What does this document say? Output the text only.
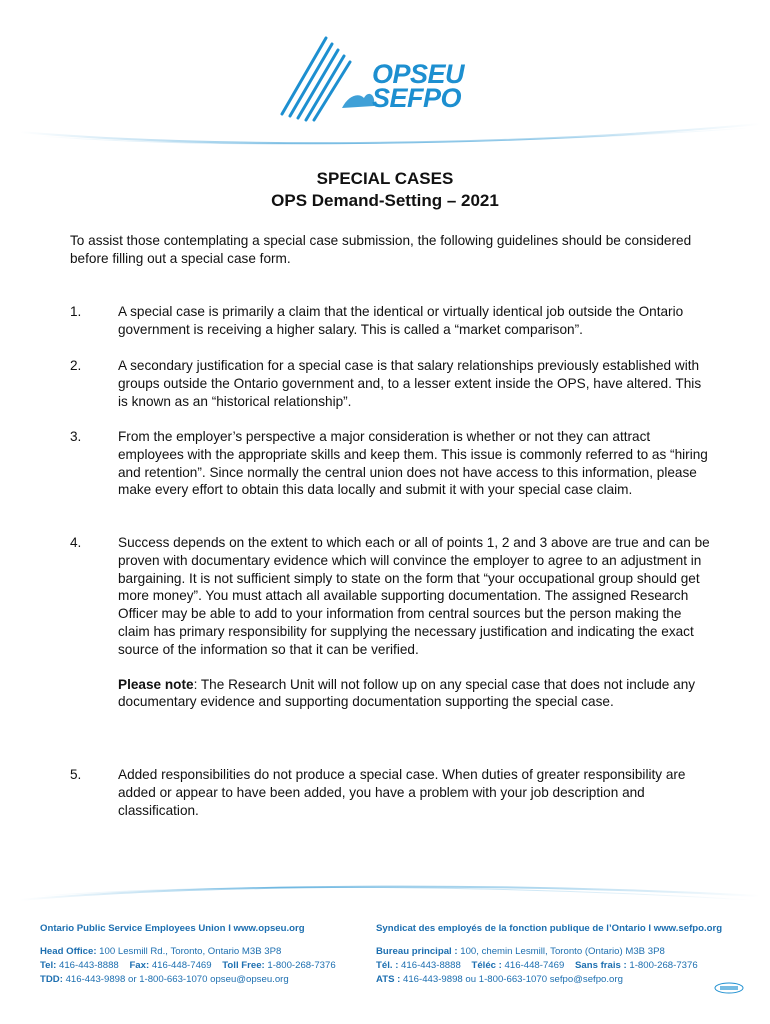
OPSEU
SEFPO
SPECIAL CASES
OPS Demand-Setting – 2021
To assist those contemplating a special case submission, the following guidelines should be considered before filling out a special case form.
1.	A special case is primarily a claim that the identical or virtually identical job outside the Ontario government is receiving a higher salary. This is called a “market comparison”.
2.	A secondary justification for a special case is that salary relationships previously established with groups outside the Ontario government and, to a lesser extent inside the OPS, have altered. This is known as an “historical relationship”.
3.	From the employer’s perspective a major consideration is whether or not they can attract employees with the appropriate skills and keep them. This issue is commonly referred to as “hiring and retention”. Since normally the central union does not have access to this information, please make every effort to obtain this data locally and submit it with your special case claim.
4.	Success depends on the extent to which each or all of points 1, 2 and 3 above are true and can be proven with documentary evidence which will convince the employer to agree to an adjustment in bargaining. It is not sufficient simply to state on the form that “your occupational group should get more money”. You must attach all available supporting documentation. The assigned Research Officer may be able to add to your information from central sources but the person making the claim has primary responsibility for supplying the necessary justification and indicating the exact source of the information so that it can be verified.
Please note: The Research Unit will not follow up on any special case that does not include any documentary evidence and supporting documentation supporting the special case.
5.	Added responsibilities do not produce a special case. When duties of greater responsibility are added or appear to have been added, you have a problem with your job description and classification.
Ontario Public Service Employees Union I www.opseu.org
Head Office: 100 Lesmill Rd., Toronto, Ontario M3B 3P8
Tel: 416-443-8888 Fax: 416-448-7469 Toll Free: 1-800-268-7376
TDD: 416-443-9898 or 1-800-663-1070 opseu@opseu.org
Syndicat des employés de la fonction publique de l’Ontario I www.sefpo.org
Bureau principal : 100, chemin Lesmill, Toronto (Ontario) M3B 3P8
Tél. : 416-443-8888 Téléc : 416-448-7469 Sans frais : 1-800-268-7376
ATS : 416-443-9898 ou 1-800-663-1070 sefpo@sefpo.org
